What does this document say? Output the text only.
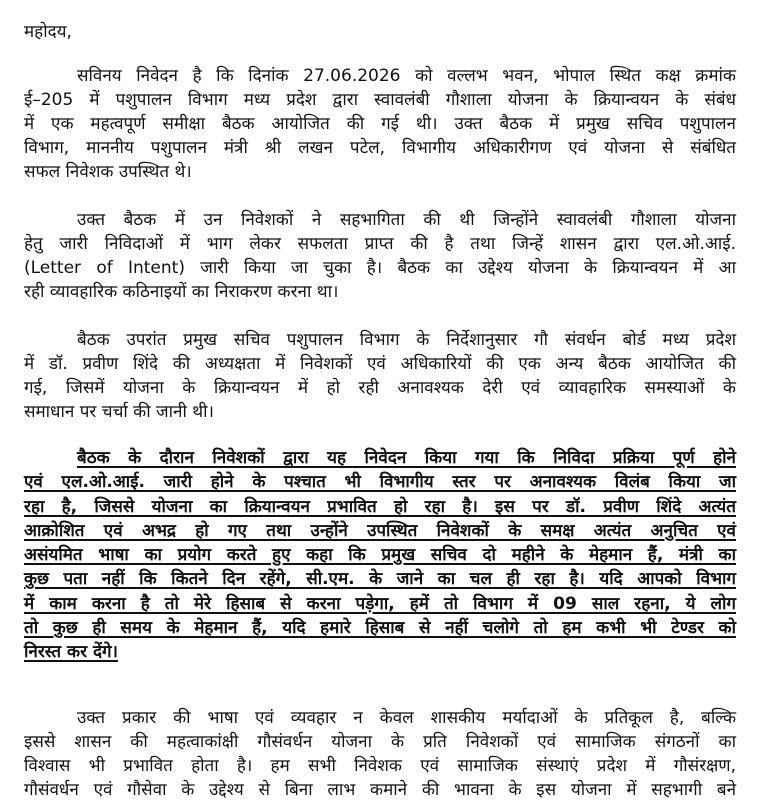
महोदय,
सविनय निवेदन है कि दिनांक 27.06.2026 को वल्लभ भवन, भोपाल स्थित कक्ष क्रमांक
ई–205 में पशुपालन विभाग मध्य प्रदेश द्वारा स्वावलंबी गौशाला योजना के क्रियान्वयन के संबंध
में एक महत्वपूर्ण समीक्षा बैठक आयोजित की गई थी। उक्त बैठक में प्रमुख सचिव पशुपालन
विभाग, माननीय पशुपालन मंत्री श्री लखन पटेल, विभागीय अधिकारीगण एवं योजना से संबंधित
सफल निवेशक उपस्थित थे।
उक्त बैठक में उन निवेशकों ने सहभागिता की थी जिन्होंने स्वावलंबी गौशाला योजना
हेतु जारी निविदाओं में भाग लेकर सफलता प्राप्त की है तथा जिन्हें शासन द्वारा एल.ओ.आई.
(Letter of Intent) जारी किया जा चुका है। बैठक का उद्देश्य योजना के क्रियान्वयन में आ
रही व्यावहारिक कठिनाइयों का निराकरण करना था।
बैठक उपरांत प्रमुख सचिव पशुपालन विभाग के निर्देशानुसार गौ संवर्धन बोर्ड मध्य प्रदेश
में डॉ. प्रवीण शिंदे की अध्यक्षता में निवेशकों एवं अधिकारियों की एक अन्य बैठक आयोजित की
गई, जिसमें योजना के क्रियान्वयन में हो रही अनावश्यक देरी एवं व्यावहारिक समस्याओं के
समाधान पर चर्चा की जानी थी।
बैठक के दौरान निवेशकों द्वारा यह निवेदन किया गया कि निविदा प्रक्रिया पूर्ण होने
एवं एल.ओ.आई. जारी होने के पश्चात भी विभागीय स्तर पर अनावश्यक विलंब किया जा
रहा है, जिससे योजना का क्रियान्वयन प्रभावित हो रहा है। इस पर डॉ. प्रवीण शिंदे अत्यंत
आक्रोशित एवं अभद्र हो गए तथा उन्होंने उपस्थित निवेशकों के समक्ष अत्यंत अनुचित एवं
असंयमित भाषा का प्रयोग करते हुए कहा कि प्रमुख सचिव दो महीने के मेहमान हैं, मंत्री का
कुछ पता नहीं कि कितने दिन रहेंगे, सी.एम. के जाने का चल ही रहा है। यदि आपको विभाग
में काम करना है तो मेरे हिसाब से करना पड़ेगा, हमें तो विभाग में 09 साल रहना, ये लोग
तो कुछ ही समय के मेहमान हैं, यदि हमारे हिसाब से नहीं चलोगे तो हम कभी भी टेण्डर को
निरस्त कर देंगे।
उक्त प्रकार की भाषा एवं व्यवहार न केवल शासकीय मर्यादाओं के प्रतिकूल है, बल्कि
इससे शासन की महत्वाकांक्षी गौसंवर्धन योजना के प्रति निवेशकों एवं सामाजिक संगठनों का
विश्वास भी प्रभावित होता है। हम सभी निवेशक एवं सामाजिक संस्थाएं प्रदेश में गौसंरक्षण,
गौसंवर्धन एवं गौसेवा के उद्देश्य से बिना लाभ कमाने की भावना के इस योजना में सहभागी बने
